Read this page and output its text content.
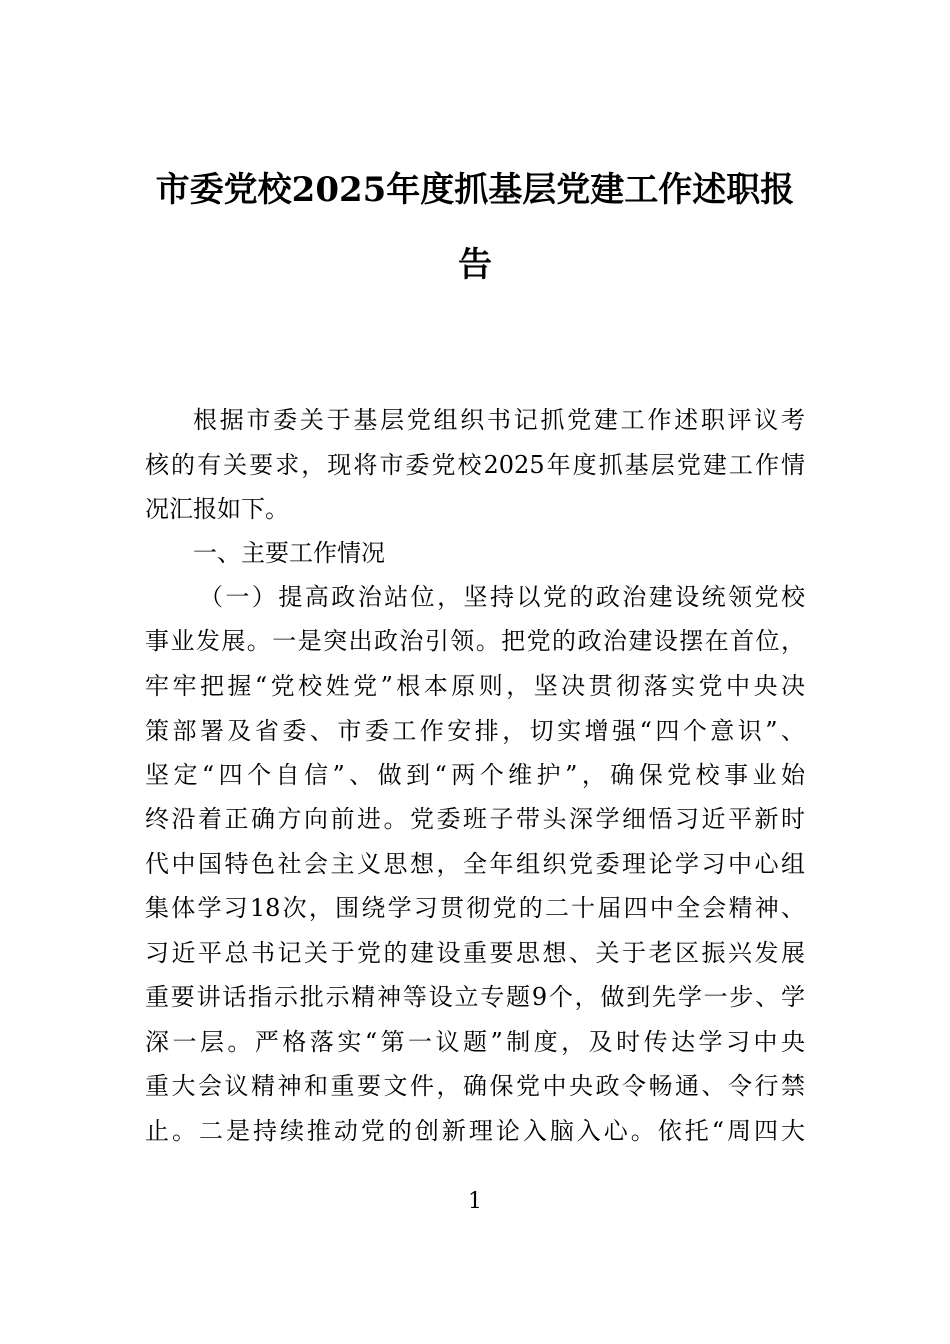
市委党校2025年度抓基层党建工作述职报
告
根据市委关于基层党组织书记抓党建工作述职评议考
核的有关要求，现将市委党校2025年度抓基层党建工作情
况汇报如下。
一、主要工作情况
（一）提高政治站位，坚持以党的政治建设统领党校
事业发展。一是突出政治引领。把党的政治建设摆在首位，
牢牢把握“党校姓党”根本原则，坚决贯彻落实党中央决
策部署及省委、市委工作安排，切实增强“四个意识”、
坚定“四个自信”、做到“两个维护”，确保党校事业始
终沿着正确方向前进。党委班子带头深学细悟习近平新时
代中国特色社会主义思想，全年组织党委理论学习中心组
集体学习18次，围绕学习贯彻党的二十届四中全会精神、
习近平总书记关于党的建设重要思想、关于老区振兴发展
重要讲话指示批示精神等设立专题9个，做到先学一步、学
深一层。严格落实“第一议题”制度，及时传达学习中央
重大会议精神和重要文件，确保党中央政令畅通、令行禁
止。二是持续推动党的创新理论入脑入心。依托“周四大
1
